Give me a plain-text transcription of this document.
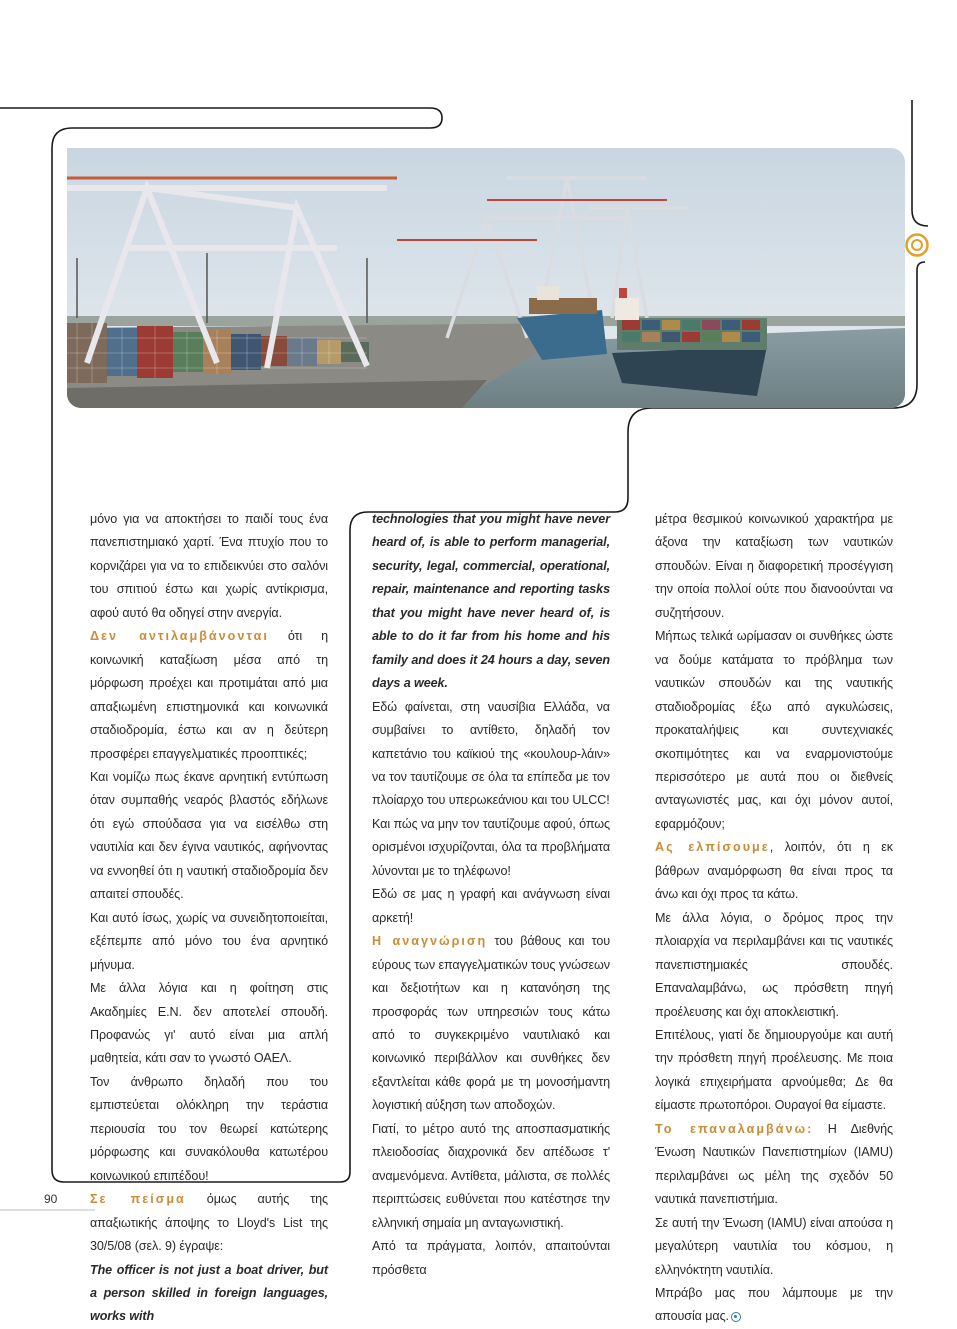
μόνο για να αποκτήσει το παιδί τους ένα πανεπιστημιακό χαρτί. Ένα πτυχίο που το κορνιζάρει για να το επιδεικνύει στο σαλόνι του σπιτιού έστω και χωρίς αντίκρισμα, αφού αυτό θα οδηγεί στην ανεργία.

Δεν αντιλαμβάνονται ότι η κοινωνική καταξίωση μέσα από τη μόρφωση προέχει και προτιμάται από μια απαξιωμένη επιστημονικά και κοινωνικά σταδιοδρομία, έστω και αν η δεύτερη προσφέρει επαγγελματικές προοπτικές;

Και νομίζω πως έκανε αρνητική εντύπωση όταν συμπαθής νεαρός βλαστός εδήλωνε ότι εγώ σπούδασα για να εισέλθω στη ναυτιλία και δεν έγινα ναυτικός, αφήνοντας να εννοηθεί ότι η ναυτική σταδιοδρομία δεν απαιτεί σπουδές.

Και αυτό ίσως, χωρίς να συνειδητοποιείται, εξέπεμπε από μόνο του ένα αρνητικό μήνυμα.

Με άλλα λόγια και η φοίτηση στις Ακαδημίες Ε.Ν. δεν αποτελεί σπουδή. Προφανώς γι' αυτό είναι μια απλή μαθητεία, κάτι σαν το γνωστό ΟΑΕΛ.

Τον άνθρωπο δηλαδή που του εμπιστεύεται ολόκληρη την τεράστια περιουσία του τον θεωρεί κατώτερης μόρφωσης και συνακόλουθα κατωτέρου κοινωνικού επιπέδου!

Σε πείσμα όμως αυτής της απαξιωτικής άποψης το Lloyd's List της 30/5/08 (σελ. 9) έγραψε:

The officer is not just a boat driver, but a person skilled in foreign languages, works with

technologies that you might have never heard of, is able to perform managerial, security, legal, commercial, operational, repair, maintenance and reporting tasks that you might have never heard of, is able to do it far from his home and his family and does it 24 hours a day, seven days a week.

Εδώ φαίνεται, στη ναυσίβια Ελλάδα, να συμβαίνει το αντίθετο, δηλαδή τον καπετάνιο του καϊκιού της «κουλουρ-λάιν» να τον ταυτίζουμε σε όλα τα επίπεδα με τον πλοίαρχο του υπερωκεάνιου και του ULCC!

Και πώς να μην τον ταυτίζουμε αφού, όπως ορισμένοι ισχυρίζονται, όλα τα προβλήματα λύνονται με το τηλέφωνο!

Εδώ σε μας η γραφή και ανάγνωση είναι αρκετή!

Η αναγνώριση του βάθους και του εύρους των επαγγελματικών τους γνώσεων και δεξιοτήτων και η κατανόηση της προσφοράς των υπηρεσιών τους κάτω από το συγκεκριμένο ναυτιλιακό και κοινωνικό περιβάλλον και συνθήκες δεν εξαντλείται κάθε φορά με τη μονοσήμαντη λογιστική αύξηση των αποδοχών.

Γιατί, το μέτρο αυτό της αποσπασματικής πλειοδοσίας διαχρονικά δεν απέδωσε τ' αναμενόμενα. Αντίθετα, μάλιστα, σε πολλές περιπτώσεις ευθύνεται που κατέστησε την ελληνική σημαία μη ανταγωνιστική.

Από τα πράγματα, λοιπόν, απαιτούνται πρόσθετα

μέτρα θεσμικού κοινωνικού χαρακτήρα με άξονα την καταξίωση των ναυτικών σπουδών. Είναι η διαφορετική προσέγγιση την οποία πολλοί ούτε που διανοούνται να συζητήσουν.

Μήπως τελικά ωρίμασαν οι συνθήκες ώστε να δούμε κατάματα το πρόβλημα των ναυτικών σπουδών και της ναυτικής σταδιοδρομίας έξω από αγκυλώσεις, προκαταλήψεις και συντεχνιακές σκοπιμότητες και να εναρμονιστούμε περισσότερο με αυτά που οι διεθνείς ανταγωνιστές μας, και όχι μόνον αυτοί, εφαρμόζουν;

Ας ελπίσουμε, λοιπόν, ότι η εκ βάθρων αναμόρφωση θα είναι προς τα άνω και όχι προς τα κάτω.

Με άλλα λόγια, ο δρόμος προς την πλοιαρχία να περιλαμβάνει και τις ναυτικές πανεπιστημιακές σπουδές. Επαναλαμβάνω, ως πρόσθετη πηγή προέλευσης και όχι αποκλειστική.

Επιτέλους, γιατί δε δημιουργούμε και αυτή την πρόσθετη πηγή προέλευσης. Με ποια λογικά επιχειρήματα αρνούμεθα; Δε θα είμαστε πρωτοπόροι. Ουραγοί θα είμαστε.

Το επαναλαμβάνω: Η Διεθνής Ένωση Ναυτικών Πανεπιστημίων (IAMU) περιλαμβάνει ως μέλη της σχεδόν 50 ναυτικά πανεπιστήμια.

Σε αυτή την Ένωση (IAMU) είναι απούσα η μεγαλύτερη ναυτιλία του κόσμου, η ελληνόκτητη ναυτιλία.

Μπράβο μας που λάμπουμε με την απουσία μας.

90
